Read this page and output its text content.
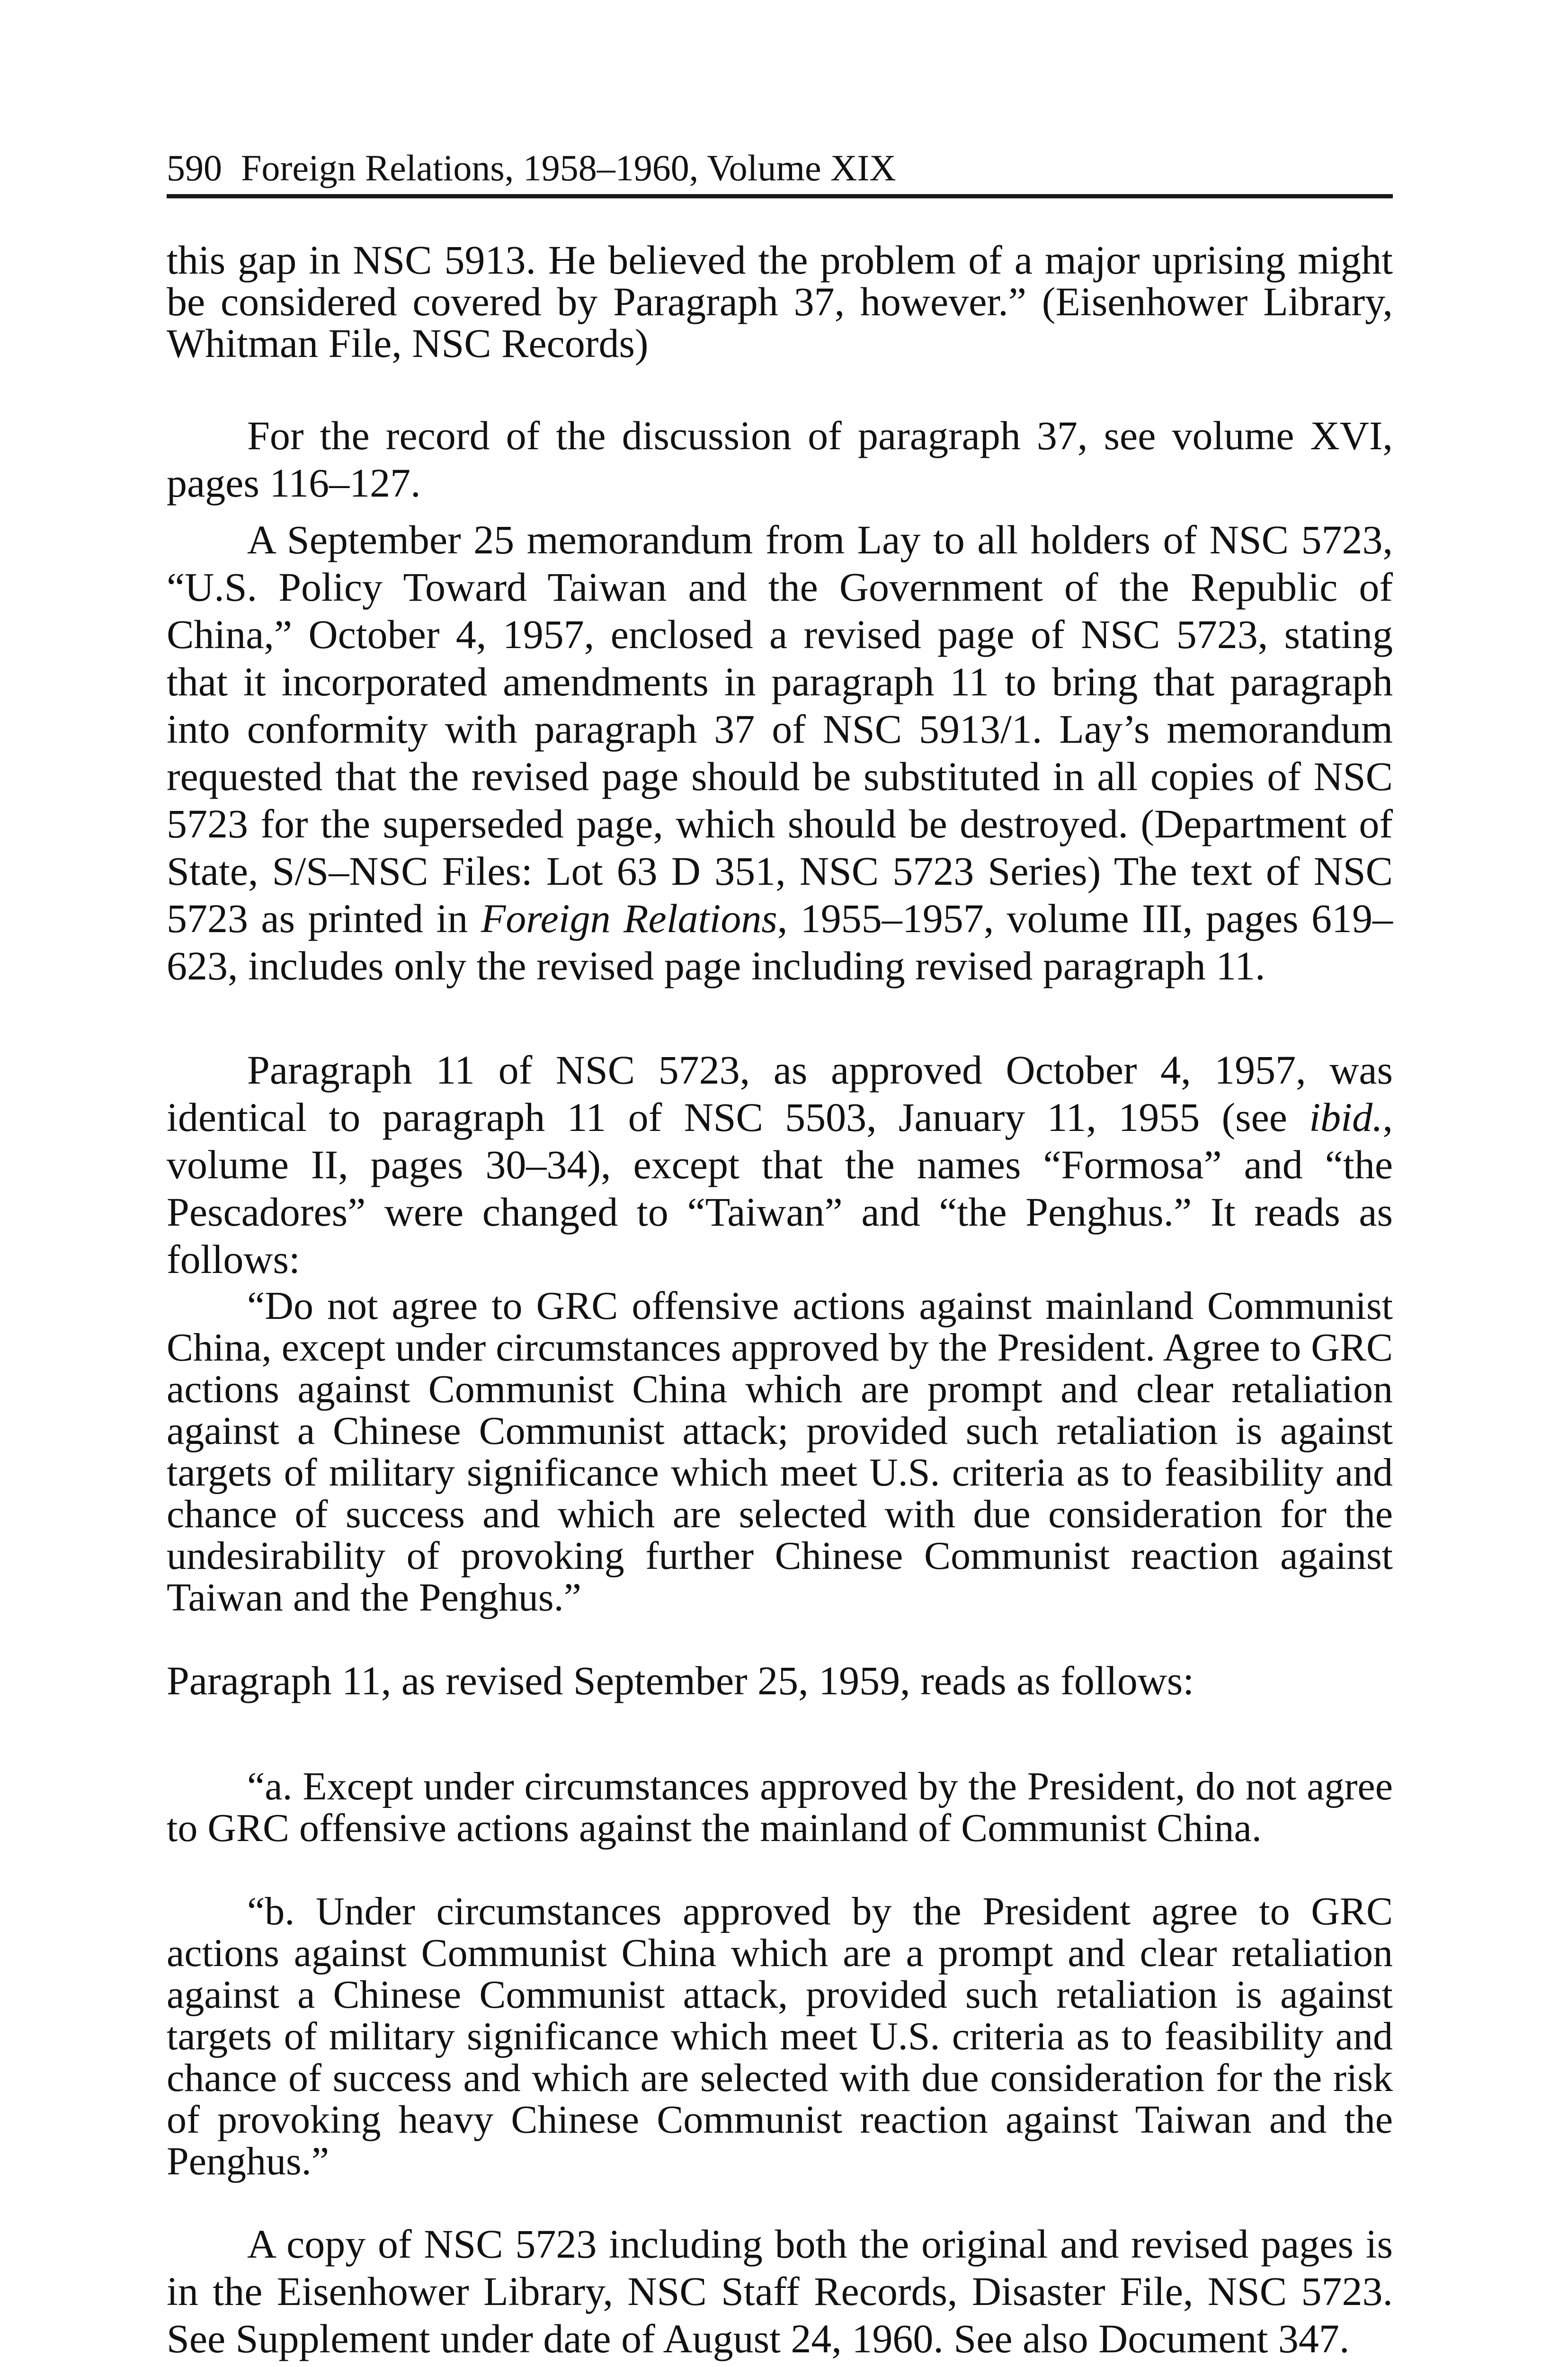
590 Foreign Relations, 1958–1960, Volume XIX

this gap in NSC 5913. He believed the problem of a major uprising might be considered covered by Paragraph 37, however.” (Eisenhower Library, Whitman File, NSC Records)

For the record of the discussion of paragraph 37, see volume XVI, pages 116–127.

A September 25 memorandum from Lay to all holders of NSC 5723, “U.S. Policy Toward Taiwan and the Government of the Republic of China,” October 4, 1957, enclosed a revised page of NSC 5723, stating that it incorporated amendments in paragraph 11 to bring that paragraph into conformity with paragraph 37 of NSC 5913/1. Lay’s memorandum requested that the revised page should be substituted in all copies of NSC 5723 for the superseded page, which should be destroyed. (Department of State, S/S–NSC Files: Lot 63 D 351, NSC 5723 Series) The text of NSC 5723 as printed in Foreign Relations, 1955–1957, volume III, pages 619–623, includes only the revised page including revised paragraph 11.

Paragraph 11 of NSC 5723, as approved October 4, 1957, was identical to paragraph 11 of NSC 5503, January 11, 1955 (see ibid., volume II, pages 30–34), except that the names “Formosa” and “the Pescadores” were changed to “Taiwan” and “the Penghus.” It reads as follows:

“Do not agree to GRC offensive actions against mainland Communist China, except under circumstances approved by the President. Agree to GRC actions against Communist China which are prompt and clear retaliation against a Chinese Communist attack; provided such retaliation is against targets of military significance which meet U.S. criteria as to feasibility and chance of success and which are selected with due consideration for the undesirability of provoking further Chinese Communist reaction against Taiwan and the Penghus.”

Paragraph 11, as revised September 25, 1959, reads as follows:

“a. Except under circumstances approved by the President, do not agree to GRC offensive actions against the mainland of Communist China.

“b. Under circumstances approved by the President agree to GRC actions against Communist China which are a prompt and clear retaliation against a Chinese Communist attack, provided such retaliation is against targets of military significance which meet U.S. criteria as to feasibility and chance of success and which are selected with due consideration for the risk of provoking heavy Chinese Communist reaction against Taiwan and the Penghus.”

A copy of NSC 5723 including both the original and revised pages is in the Eisenhower Library, NSC Staff Records, Disaster File, NSC 5723. See Supplement under date of August 24, 1960. See also Document 347.
